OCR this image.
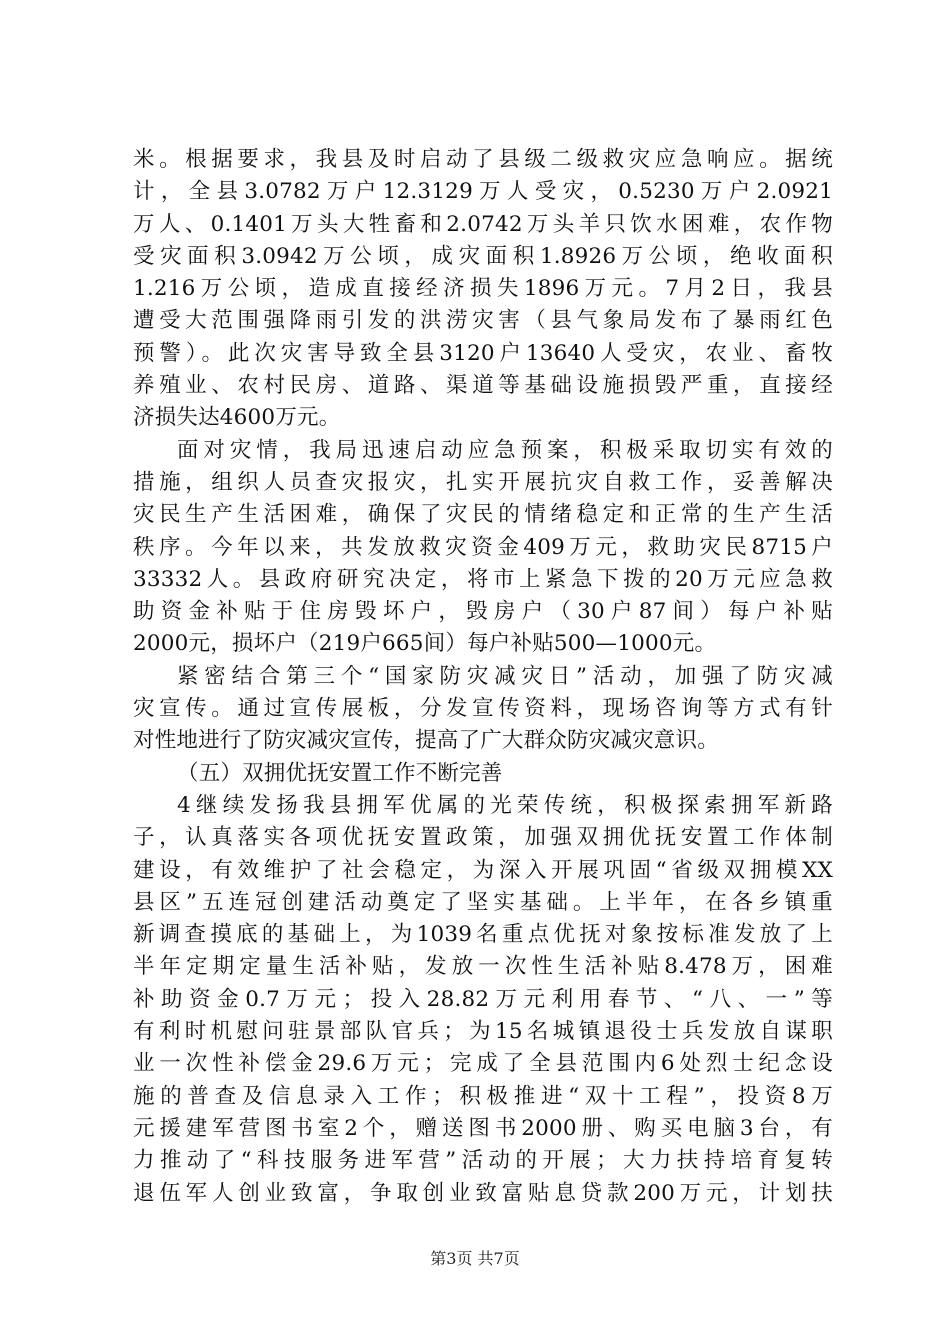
米。根据要求，我县及时启动了县级二级救灾应急响应。据统
计，全县3.0782万户12.3129万人受灾，0.5230万户2.0921
万人、0.1401万头大牲畜和2.0742万头羊只饮水困难，农作物
受灾面积3.0942万公顷，成灾面积1.8926万公顷，绝收面积
1.216万公顷，造成直接经济损失1896万元。7月2日，我县
遭受大范围强降雨引发的洪涝灾害（县气象局发布了暴雨红色
预警）。此次灾害导致全县3120户13640人受灾，农业、畜牧
养殖业、农村民房、道路、渠道等基础设施损毁严重，直接经
济损失达4600万元。
面对灾情，我局迅速启动应急预案，积极采取切实有效的
措施，组织人员查灾报灾，扎实开展抗灾自救工作，妥善解决
灾民生产生活困难，确保了灾民的情绪稳定和正常的生产生活
秩序。今年以来，共发放救灾资金409万元，救助灾民8715户
33332人。县政府研究决定，将市上紧急下拨的20万元应急救
助资金补贴于住房毁坏户，毁房户（30户87间）每户补贴
2000元，损坏户（219户665间）每户补贴500—1000元。
紧密结合第三个“国家防灾减灾日”活动，加强了防灾减
灾宣传。通过宣传展板，分发宣传资料，现场咨询等方式有针
对性地进行了防灾减灾宣传，提高了广大群众防灾减灾意识。
（五）双拥优抚安置工作不断完善
4继续发扬我县拥军优属的光荣传统，积极探索拥军新路
子，认真落实各项优抚安置政策，加强双拥优抚安置工作体制
建设，有效维护了社会稳定，为深入开展巩固“省级双拥模XX
县区”五连冠创建活动奠定了坚实基础。上半年，在各乡镇重
新调查摸底的基础上，为1039名重点优抚对象按标准发放了上
半年定期定量生活补贴，发放一次性生活补贴8.478万，困难
补助资金0.7万元；投入28.82万元利用春节、“八、一”等
有利时机慰问驻景部队官兵；为15名城镇退役士兵发放自谋职
业一次性补偿金29.6万元；完成了全县范围内6处烈士纪念设
施的普查及信息录入工作；积极推进“双十工程”，投资8万
元援建军营图书室2个，赠送图书2000册、购买电脑3台，有
力推动了“科技服务进军营”活动的开展；大力扶持培育复转
退伍军人创业致富，争取创业致富贴息贷款200万元，计划扶
第3页 共7页
